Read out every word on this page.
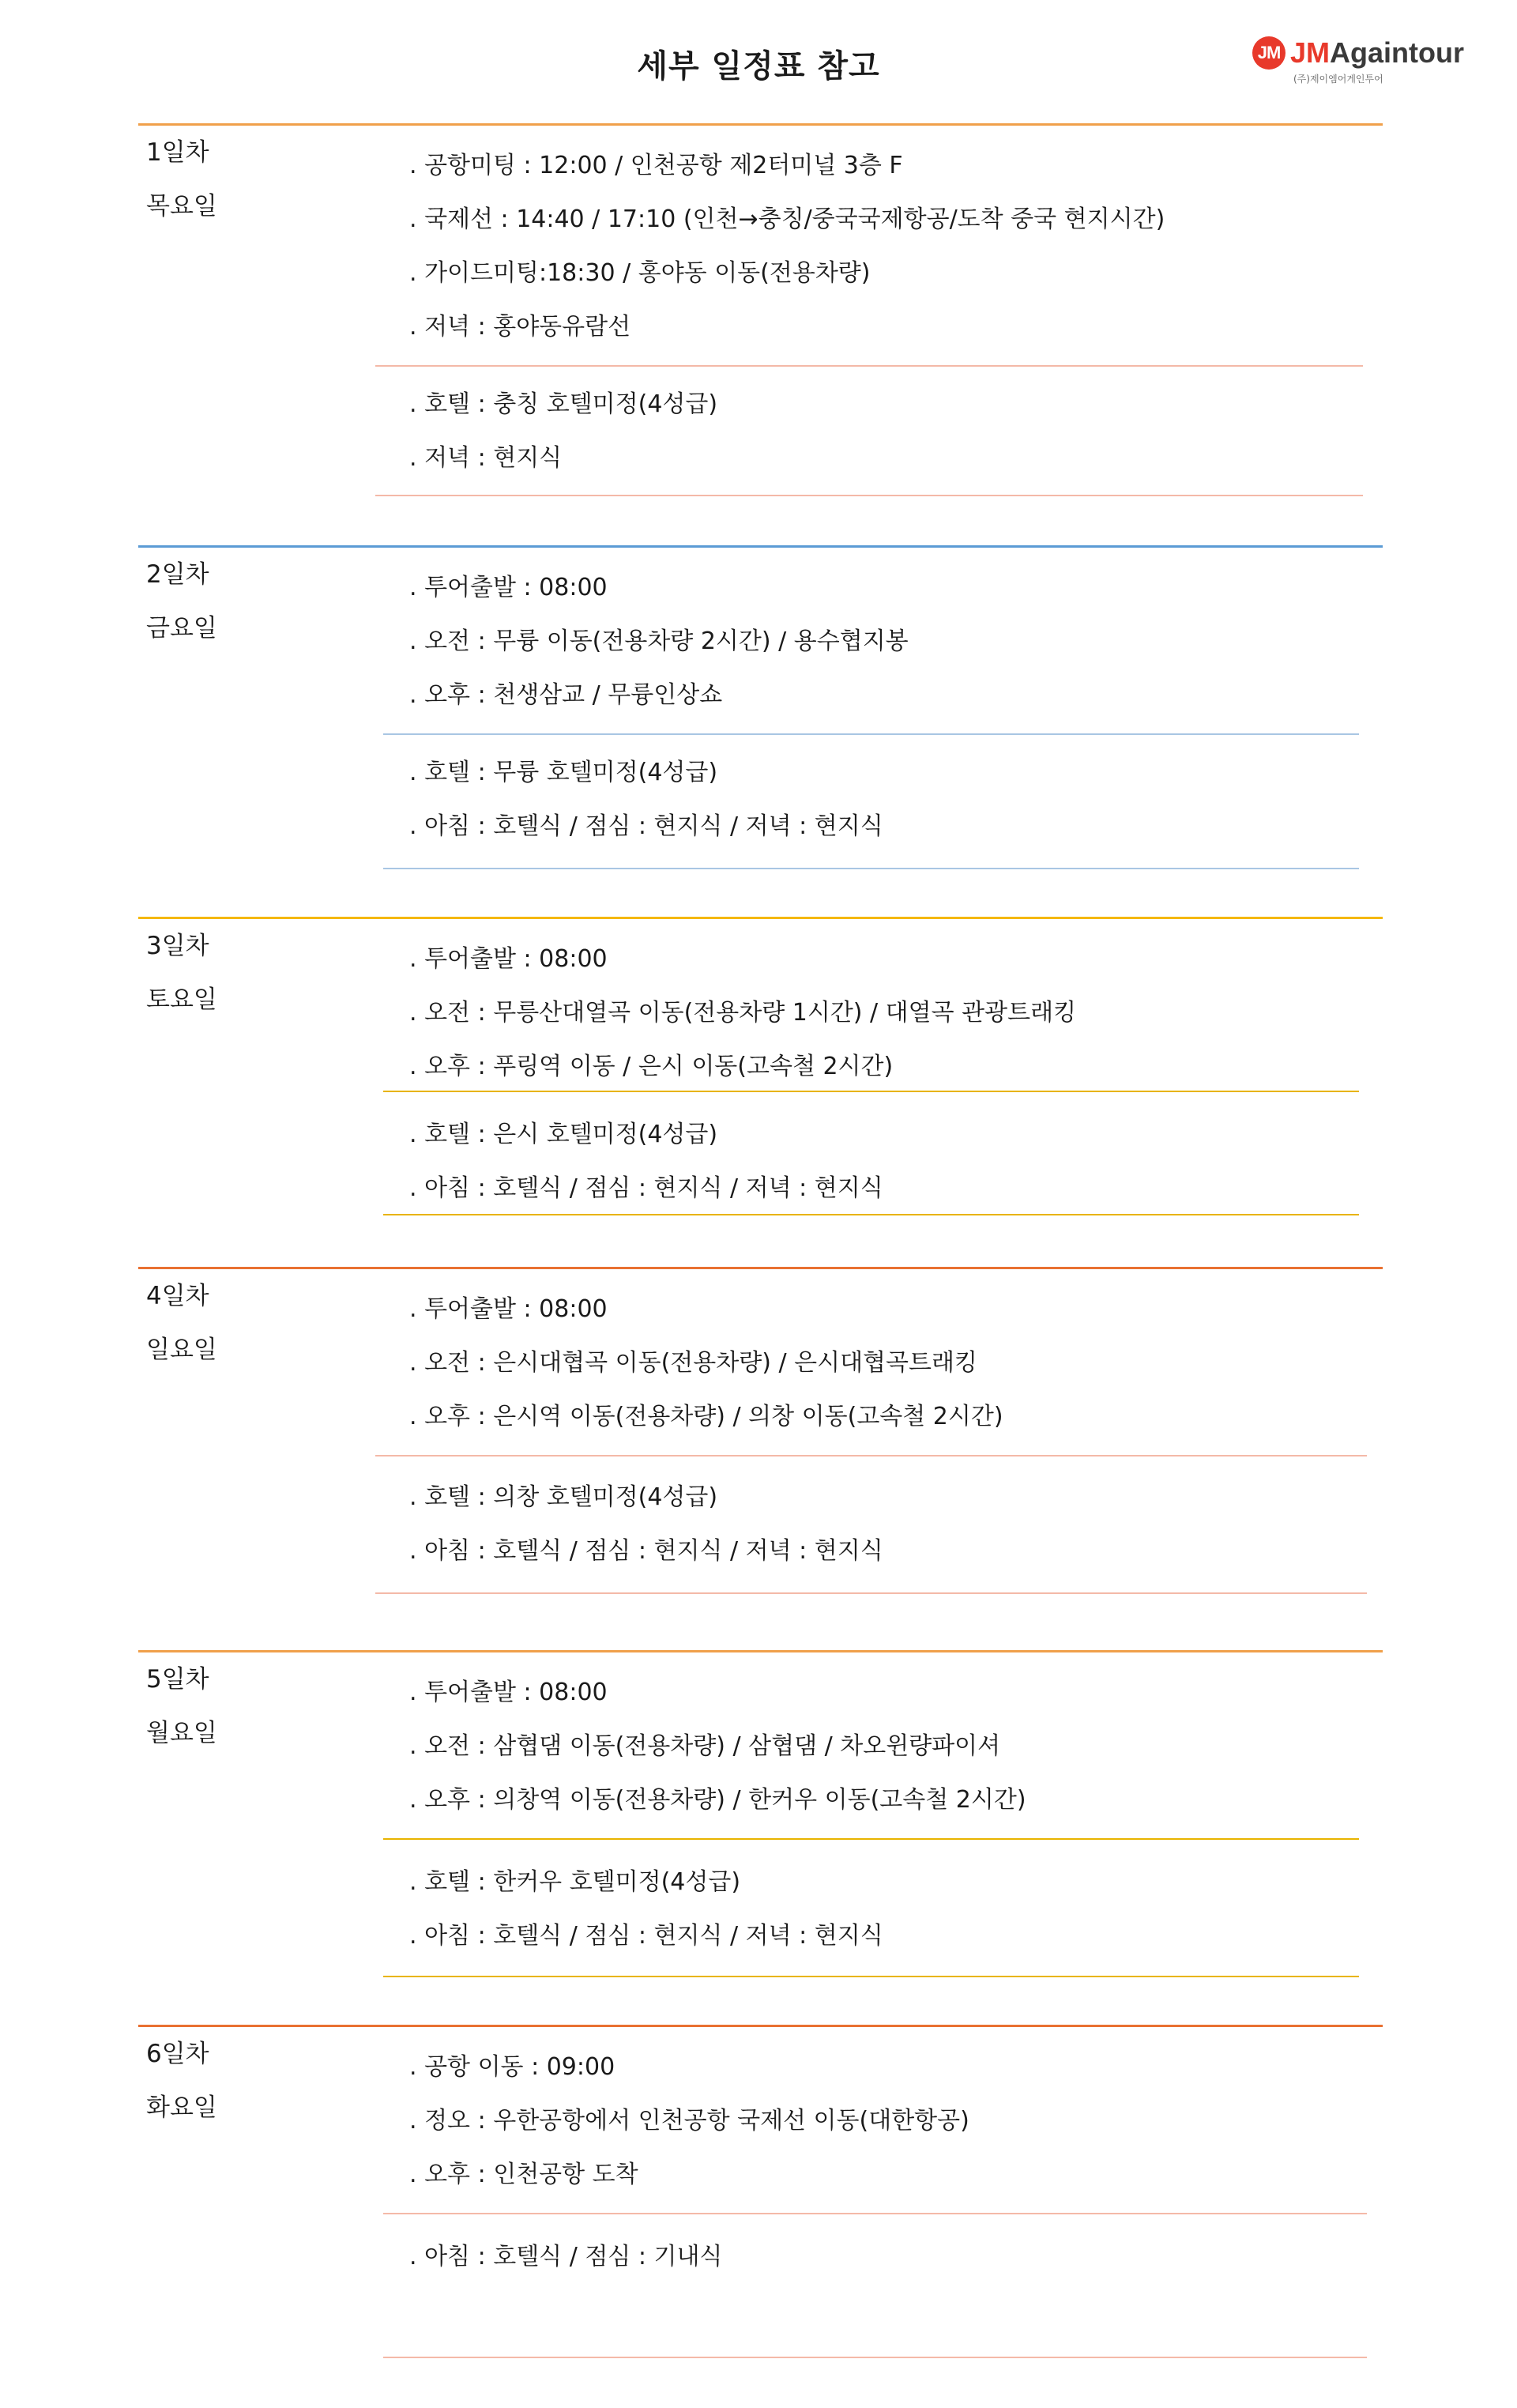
세부 일정표 참고	JM JMAgaintour
(주)제이엠어게인투어

1일차

목요일

. 공항미팅 : 12:00 / 인천공항 제2터미널 3층 F

. 국제선 : 14:40 / 17:10 (인천→충칭/중국국제항공/도착 중국 현지시간)

. 가이드미팅:18:30 / 홍야동 이동(전용차량)

. 저녁 : 홍야동유람선

. 호텔 : 충칭 호텔미정(4성급)

. 저녁 : 현지식

2일차

금요일

. 투어출발 : 08:00

. 오전 : 무륭 이동(전용차량 2시간) / 용수협지봉

. 오후 : 천생삼교 / 무륭인상쇼

. 호텔 : 무륭 호텔미정(4성급)

. 아침 : 호텔식 / 점심 : 현지식 / 저녁 : 현지식

3일차

토요일

. 투어출발 : 08:00

. 오전 : 무릉산대열곡 이동(전용차량 1시간) / 대열곡 관광트래킹

. 오후 : 푸링역 이동 / 은시 이동(고속철 2시간)

. 호텔 : 은시 호텔미정(4성급)

. 아침 : 호텔식 / 점심 : 현지식 / 저녁 : 현지식

4일차

일요일

. 투어출발 : 08:00

. 오전 : 은시대협곡 이동(전용차량) / 은시대협곡트래킹

. 오후 : 은시역 이동(전용차량) / 의창 이동(고속철 2시간)

. 호텔 : 의창 호텔미정(4성급)

. 아침 : 호텔식 / 점심 : 현지식 / 저녁 : 현지식

5일차

월요일

. 투어출발 : 08:00

. 오전 : 삼협댐 이동(전용차량) / 삼협댐 / 차오윈량파이셔

. 오후 : 의창역 이동(전용차량) / 한커우 이동(고속철 2시간)

. 호텔 : 한커우 호텔미정(4성급)

. 아침 : 호텔식 / 점심 : 현지식 / 저녁 : 현지식

6일차

화요일

. 공항 이동 : 09:00

. 정오 : 우한공항에서 인천공항 국제선 이동(대한항공)

. 오후 : 인천공항 도착

. 아침 : 호텔식 / 점심 : 기내식
